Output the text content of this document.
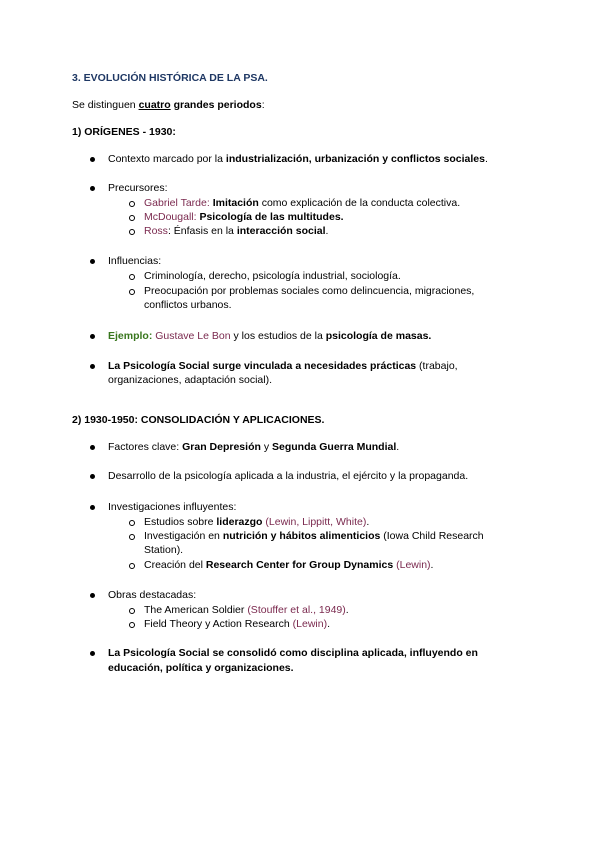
3. EVOLUCIÓN HISTÓRICA DE LA PSA.
Se distinguen cuatro grandes periodos:
1) ORÍGENES - 1930:
Contexto marcado por la industrialización, urbanización y conflictos sociales.
Precursores:
Gabriel Tarde: Imitación como explicación de la conducta colectiva.
McDougall: Psicología de las multitudes.
Ross: Énfasis en la interacción social.
Influencias:
Criminología, derecho, psicología industrial, sociología.
Preocupación por problemas sociales como delincuencia, migraciones,
conflictos urbanos.
Ejemplo: Gustave Le Bon y los estudios de la psicología de masas.
La Psicología Social surge vinculada a necesidades prácticas (trabajo,
organizaciones, adaptación social).
2) 1930-1950: CONSOLIDACIÓN Y APLICACIONES.
Factores clave: Gran Depresión y Segunda Guerra Mundial.
Desarrollo de la psicología aplicada a la industria, el ejército y la propaganda.
Investigaciones influyentes:
Estudios sobre liderazgo (Lewin, Lippitt, White).
Investigación en nutrición y hábitos alimenticios (Iowa Child Research
Station).
Creación del Research Center for Group Dynamics (Lewin).
Obras destacadas:
The American Soldier (Stouffer et al., 1949).
Field Theory y Action Research (Lewin).
La Psicología Social se consolidó como disciplina aplicada, influyendo en
educación, política y organizaciones.
